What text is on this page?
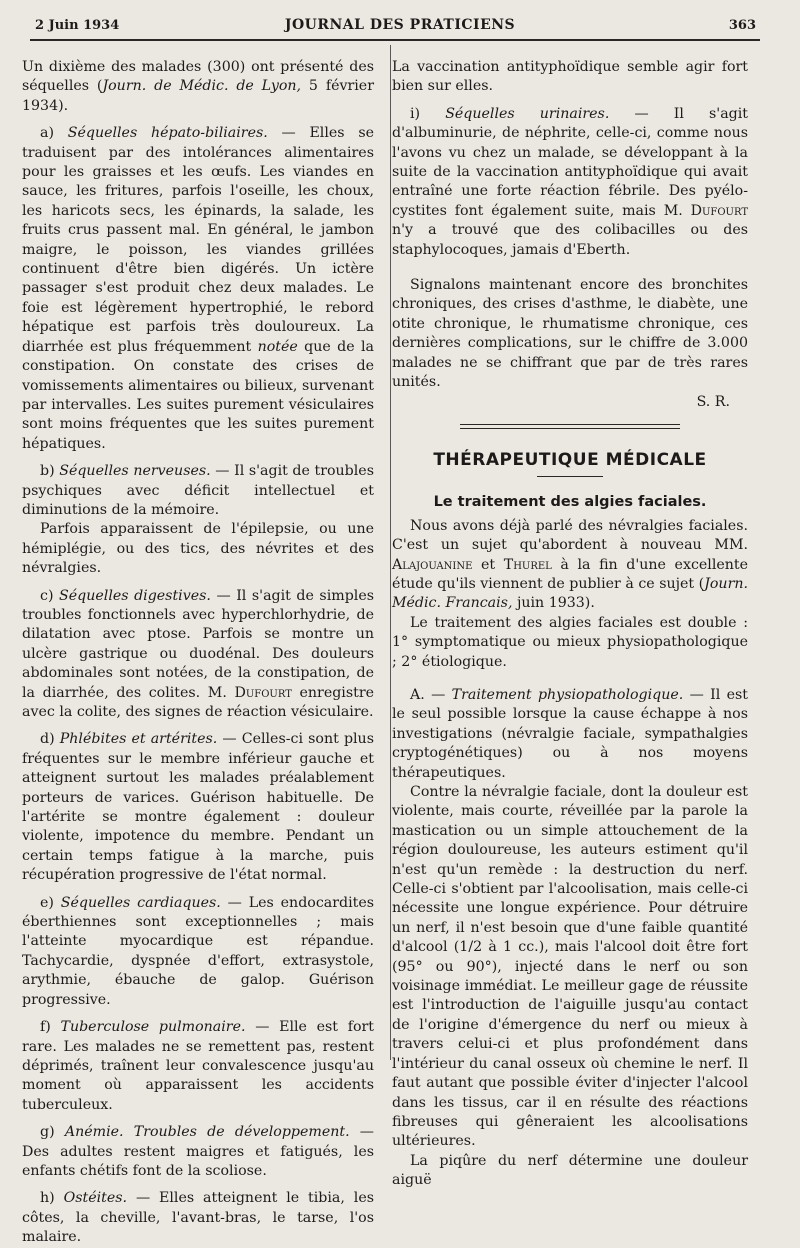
2 Juin 1934	JOURNAL DES PRATICIENS	363

Un dixième des malades (300) ont présenté des séquelles (Journ. de Médic. de Lyon, 5 février 1934).

a) Séquelles hépato-biliaires. — Elles se traduisent par des intolérances alimentaires pour les graisses et les œufs. Les viandes en sauce, les fritures, parfois l'oseille, les choux, les haricots secs, les épinards, la salade, les fruits crus passent mal. En général, le jambon maigre, le poisson, les viandes grillées continuent d'être bien digérés. Un ictère passager s'est produit chez deux malades. Le foie est légèrement hypertrophié, le rebord hépatique est parfois très douloureux. La diarrhée est plus fréquemment notée que de la constipation. On constate des crises de vomissements alimentaires ou bilieux, survenant par intervalles. Les suites purement vésiculaires sont moins fréquentes que les suites purement hépatiques.

b) Séquelles nerveuses. — Il s'agit de troubles psychiques avec déficit intellectuel et diminutions de la mémoire.

Parfois apparaissent de l'épilepsie, ou une hémiplégie, ou des tics, des névrites et des névralgies.

c) Séquelles digestives. — Il s'agit de simples troubles fonctionnels avec hyperchlorhydrie, de dilatation avec ptose. Parfois se montre un ulcère gastrique ou duodénal. Des douleurs abdominales sont notées, de la constipation, de la diarrhée, des colites. M. Dufourt enregistre avec la colite, des signes de réaction vésiculaire.

d) Phlébites et artérites. — Celles-ci sont plus fréquentes sur le membre inférieur gauche et atteignent surtout les malades préalablement porteurs de varices. Guérison habituelle. De l'artérite se montre également : douleur violente, impotence du membre. Pendant un certain temps fatigue à la marche, puis récupération progressive de l'état normal.

e) Séquelles cardiaques. — Les endocardites éberthiennes sont exceptionnelles ; mais l'atteinte myocardique est répandue. Tachycardie, dyspnée d'effort, extrasystole, arythmie, ébauche de galop. Guérison progressive.

f) Tuberculose pulmonaire. — Elle est fort rare. Les malades ne se remettent pas, restent déprimés, traînent leur convalescence jusqu'au moment où apparaissent les accidents tuberculeux.

g) Anémie. Troubles de développement. — Des adultes restent maigres et fatigués, les enfants chétifs font de la scoliose.

h) Ostéites. — Elles atteignent le tibia, les côtes, la cheville, l'avant-bras, le tarse, l'os malaire.

La vaccination antityphoïdique semble agir fort bien sur elles.

i) Séquelles urinaires. — Il s'agit d'albuminurie, de néphrite, celle-ci, comme nous l'avons vu chez un malade, se développant à la suite de la vaccination antityphoïdique qui avait entraîné une forte réaction fébrile. Des pyélo-cystites font également suite, mais M. Dufourt n'y a trouvé que des colibacilles ou des staphylocoques, jamais d'Eberth.

Signalons maintenant encore des bronchites chroniques, des crises d'asthme, le diabète, une otite chronique, le rhumatisme chronique, ces dernières complications, sur le chiffre de 3.000 malades ne se chiffrant que par de très rares unités.

S. R.

THÉRAPEUTIQUE MÉDICALE
Le traitement des algies faciales.

Nous avons déjà parlé des névralgies faciales. C'est un sujet qu'abordent à nouveau MM. Alajouanine et Thurel à la fin d'une excellente étude qu'ils viennent de publier à ce sujet (Journ. Médic. Francais, juin 1933).

Le traitement des algies faciales est double : 1° symptomatique ou mieux physiopathologique ; 2° étiologique.

A. — Traitement physiopathologique. — Il est le seul possible lorsque la cause échappe à nos investigations (névralgie faciale, sympathalgies cryptogénétiques) ou à nos moyens thérapeutiques.

Contre la névralgie faciale, dont la douleur est violente, mais courte, réveillée par la parole la mastication ou un simple attouchement de la région douloureuse, les auteurs estiment qu'il n'est qu'un remède : la destruction du nerf. Celle-ci s'obtient par l'alcoolisation, mais celle-ci nécessite une longue expérience. Pour détruire un nerf, il n'est besoin que d'une faible quantité d'alcool (1/2 à 1 cc.), mais l'alcool doit être fort (95° ou 90°), injecté dans le nerf ou son voisinage immédiat. Le meilleur gage de réussite est l'introduction de l'aiguille jusqu'au contact de l'origine d'émergence du nerf ou mieux à travers celui-ci et plus profondément dans l'intérieur du canal osseux où chemine le nerf. Il faut autant que possible éviter d'injecter l'alcool dans les tissus, car il en résulte des réactions fibreuses qui gêneraient les alcoolisations ultérieures.

La piqûre du nerf détermine une douleur aiguë
